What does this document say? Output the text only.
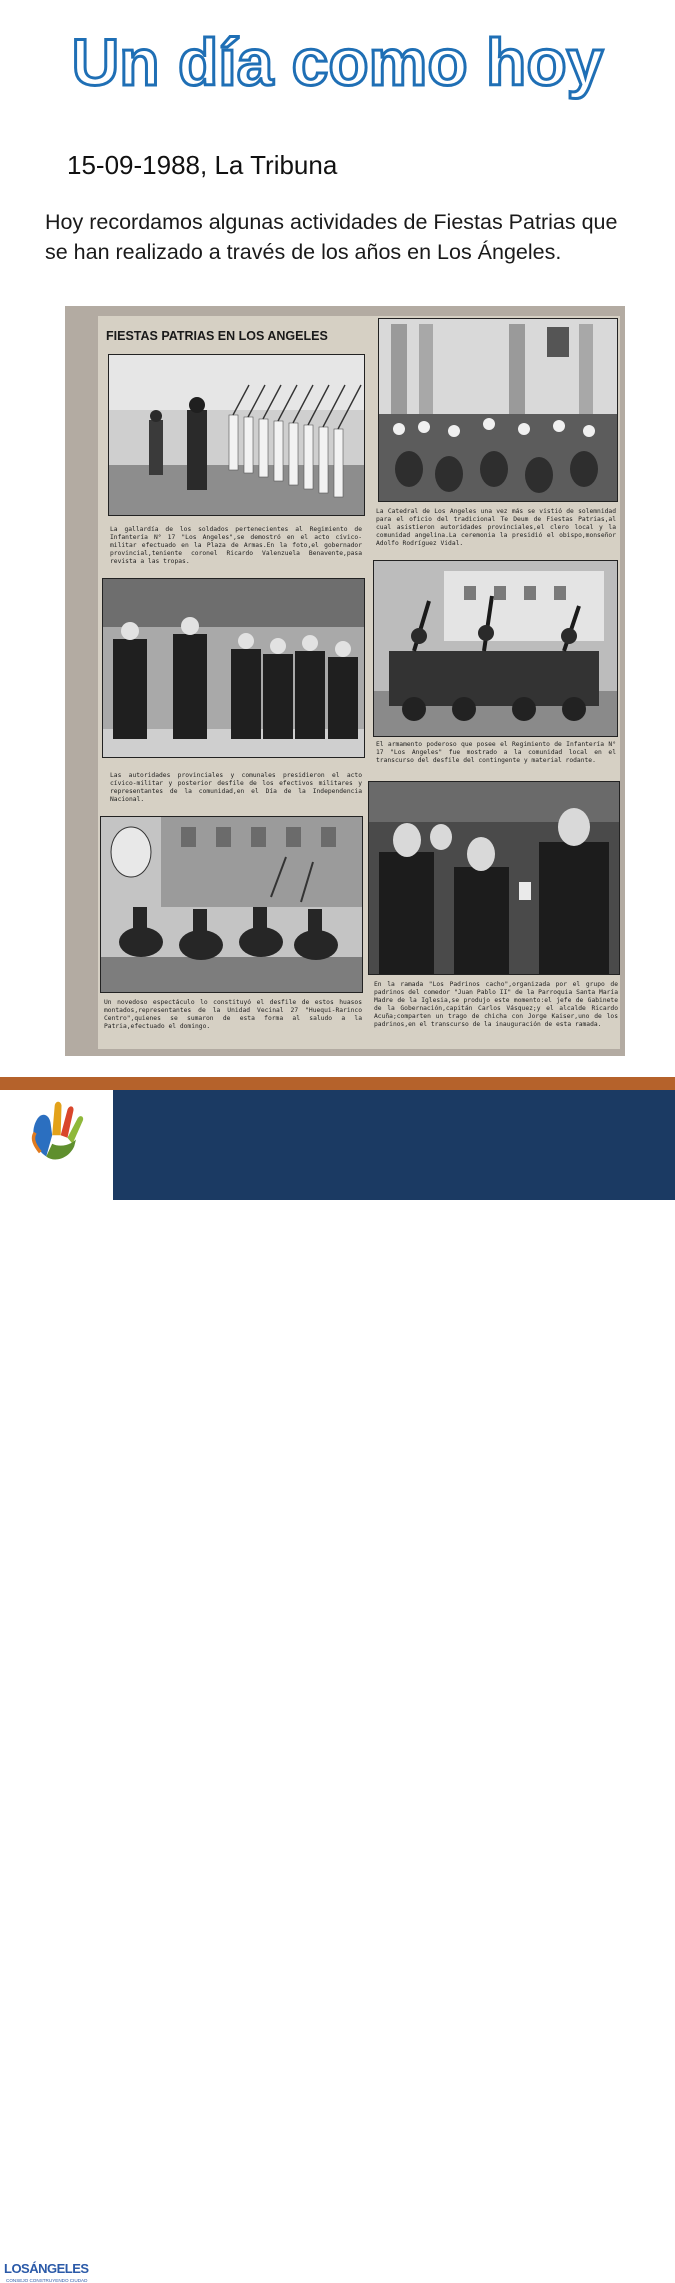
Un día como hoy
15-09-1988, La Tribuna
Hoy recordamos algunas actividades de Fiestas Patrias que se han realizado a través de los años en Los Ángeles.
FIESTAS PATRIAS EN LOS ANGELES
La gallardía de los soldados pertenecientes al Regimiento de Infantería N° 17 "Los Angeles",se demostró en el acto cívico-militar efectuado en la Plaza de Armas.En la foto,el gobernador provincial,teniente coronel Ricardo Valenzuela Benavente,pasa revista a las tropas.
La Catedral de Los Angeles una vez más se vistió de solemnidad para el oficio del tradicional Te Deum de Fiestas Patrias,al cual asistieron autoridades provinciales,el clero local y la comunidad angelina.La ceremonia la presidió el obispo,monseñor Adolfo Rodríguez Vidal.
Las autoridades provinciales y comunales presidieron el acto cívico-militar y posterior desfile de los efectivos militares y representantes de la comunidad,en el Día de la Independencia Nacional.
El armamento poderoso que posee el Regimiento de Infantería N° 17 "Los Angeles" fue mostrado a la comunidad local en el transcurso del desfile del contingente y material rodante.
Un novedoso espectáculo lo constituyó el desfile de estos huasos montados,representantes de la Unidad Vecinal 27 "Huequi-Rarinco Centro",quienes se sumaron de esta forma al saludo a la Patria,efectuado el domingo.
En la ramada "Los Padrinos cacho",organizada por el grupo de padrinos del comedor "Juan Pablo II" de la Parroquia Santa María Madre de la Iglesia,se produjo este momento:el jefe de Gabinete de la Gobernación,capitán Carlos Vásquez;y el alcalde Ricardo Acuña;comparten un trago de chicha con Jorge Kaiser,uno de los padrinos,en el transcurso de la inauguración de esta ramada.
LOSÁNGELES
CONSEJO CONSTRUYENDO CIUDAD
